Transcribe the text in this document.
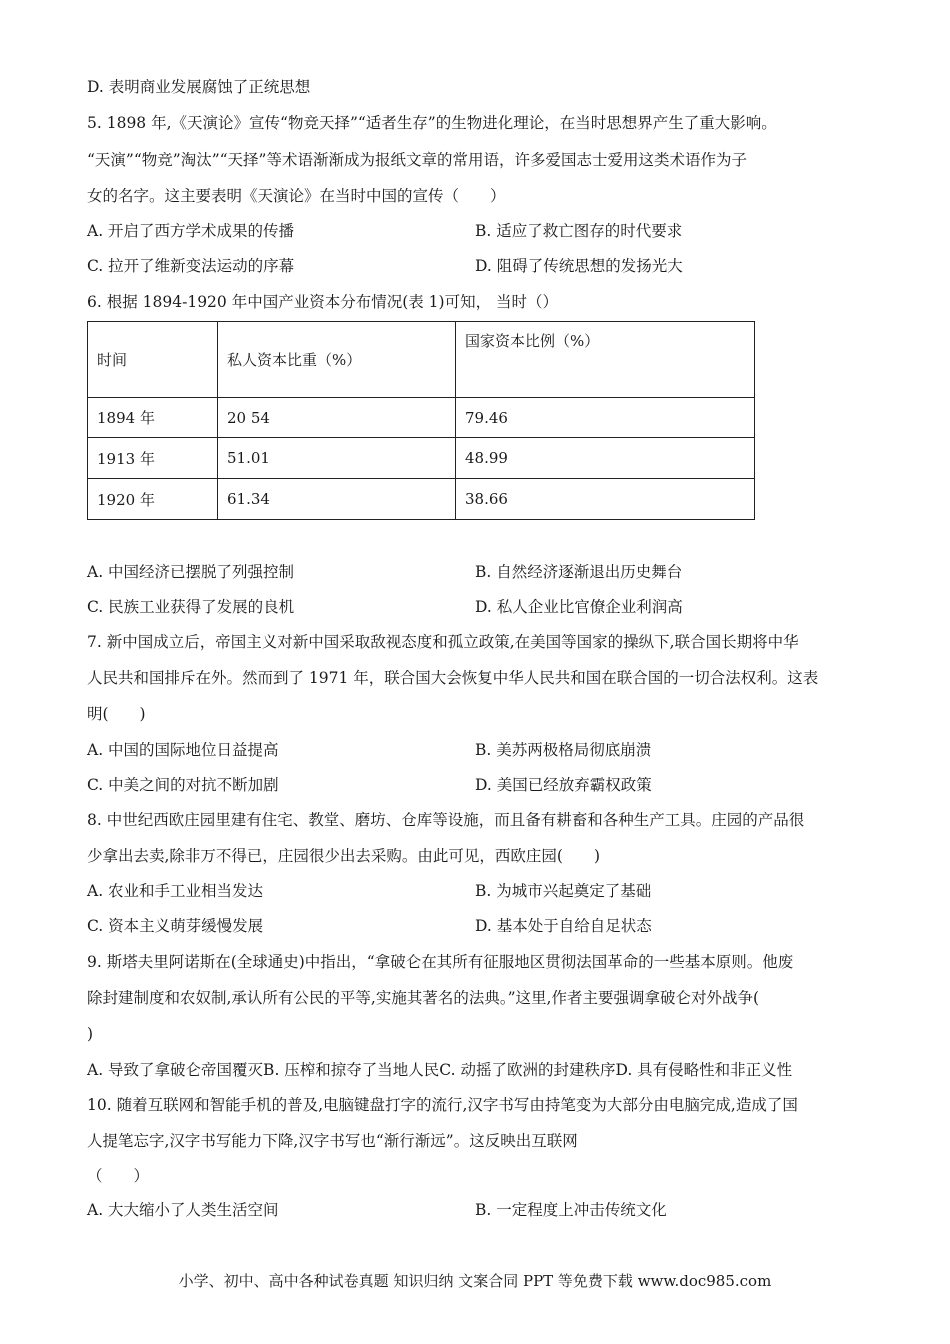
D. 表明商业发展腐蚀了正统思想
5. 1898 年,《天演论》宣传“物竞天择”“适者生存”的生物进化理论，在当时思想界产生了重大影响。
“天演”“物竞”淘汰”“天择”等术语渐渐成为报纸文章的常用语，许多爱国志士爱用这类术语作为子
女的名字。这主要表明《天演论》在当时中国的宣传（　　）
A. 开启了西方学术成果的传播	B. 适应了救亡图存的时代要求
C. 拉开了维新变法运动的序幕	D. 阻碍了传统思想的发扬光大
6. 根据 1894-1920 年中国产业资本分布情况(表 1)可知， 当时（）
时间	私人资本比重（%）	国家资本比例（%）
1894 年	20 54	79.46
1913 年	51.01	48.99
1920 年	61.34	38.66
A. 中国经济已摆脱了列强控制	B. 自然经济逐渐退出历史舞台
C. 民族工业获得了发展的良机	D. 私人企业比官僚企业利润高
7. 新中国成立后，帝国主义对新中国采取敌视态度和孤立政策,在美国等国家的操纵下,联合国长期将中华
人民共和国排斥在外。然而到了 1971 年，联合国大会恢复中华人民共和国在联合国的一切合法权利。这表
明(　　)
A. 中国的国际地位日益提高	B. 美苏两极格局彻底崩溃
C. 中美之间的对抗不断加剧	D. 美国已经放弃霸权政策
8. 中世纪西欧庄园里建有住宅、教堂、磨坊、仓库等设施，而且备有耕畜和各种生产工具。庄园的产品很
少拿出去卖,除非万不得已，庄园很少出去采购。由此可见，西欧庄园(　　)
A. 农业和手工业相当发达	B. 为城市兴起奠定了基础
C. 资本主义萌芽缓慢发展	D. 基本处于自给自足状态
9. 斯塔夫里阿诺斯在(全球通史)中指出，“拿破仑在其所有征服地区贯彻法国革命的一些基本原则。他废
除封建制度和农奴制,承认所有公民的平等,实施其著名的法典。”这里,作者主要强调拿破仑对外战争(
)
A. 导致了拿破仑帝国覆灭B. 压榨和掠夺了当地人民C. 动摇了欧洲的封建秩序D. 具有侵略性和非正义性
10. 随着互联网和智能手机的普及,电脑键盘打字的流行,汉字书写由持笔变为大部分由电脑完成,造成了国
人提笔忘字,汉字书写能力下降,汉字书写也“渐行渐远”。这反映出互联网
（　　）
A. 大大缩小了人类生活空间	B. 一定程度上冲击传统文化
小学、初中、高中各种试卷真题 知识归纳 文案合同 PPT 等免费下载 www.doc985.com
